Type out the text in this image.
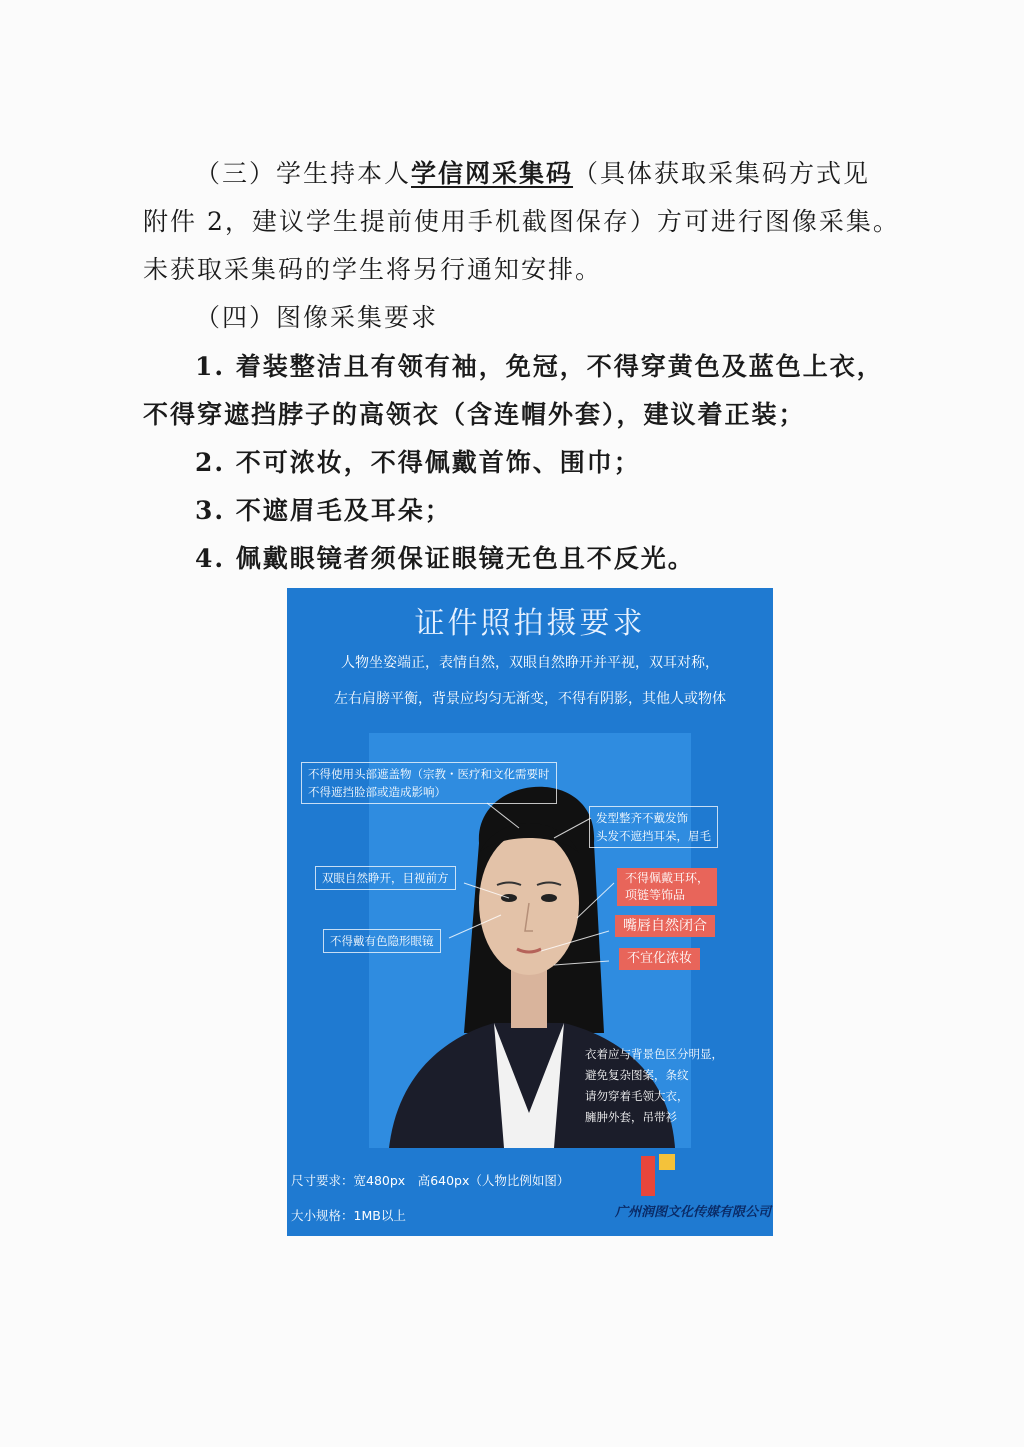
（三）学生持本人学信网采集码（具体获取采集码方式见
附件 2，建议学生提前使用手机截图保存）方可进行图像采集。
未获取采集码的学生将另行通知安排。
（四）图像采集要求
1. 着装整洁且有领有袖，免冠，不得穿黄色及蓝色上衣，
不得穿遮挡脖子的高领衣（含连帽外套），建议着正装；
2. 不可浓妆，不得佩戴首饰、围巾；
3. 不遮眉毛及耳朵；
4. 佩戴眼镜者须保证眼镜无色且不反光。
证件照拍摄要求
人物坐姿端正，表情自然，双眼自然睁开并平视，双耳对称，
左右肩膀平衡，背景应均匀无渐变，不得有阴影，其他人或物体
不得使用头部遮盖物（宗教・医疗和文化需要时
不得遮挡脸部或造成影响）
发型整齐不戴发饰
头发不遮挡耳朵，眉毛
双眼自然睁开，目视前方
不得戴有色隐形眼镜
不得佩戴耳环，
项链等饰品
嘴唇自然闭合
不宜化浓妆
衣着应与背景色区分明显，
避免复杂图案，条纹
请勿穿着毛领大衣，
臃肿外套，吊带衫
尺寸要求：宽480px　高640px（人物比例如图）
大小规格：1MB以上	广州润图文化传媒有限公司
